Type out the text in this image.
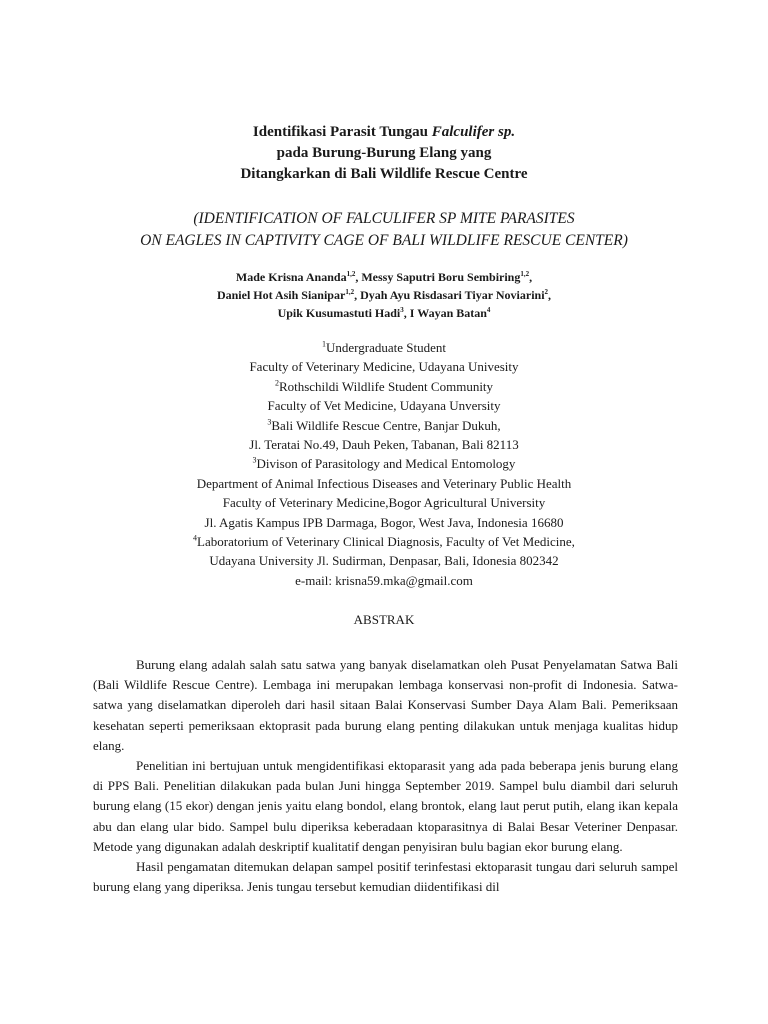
Identifikasi Parasit Tungau Falculifer sp.
pada Burung-Burung Elang yang
Ditangkarkan di Bali Wildlife Rescue Centre
(IDENTIFICATION OF FALCULIFER SP MITE PARASITES
ON EAGLES IN CAPTIVITY CAGE OF BALI WILDLIFE RESCUE CENTER)
Made Krisna Ananda$^{1,2}$, Messy Saputri Boru Sembiring$^{1,2}$,
Daniel Hot Asih Sianipar$^{1,2}$, Dyah Ayu Risdasari Tiyar Noviarini$^2$,
Upik Kusumastuti Hadi$^3$, I Wayan Batan$^4$
$^1$Undergraduate Student
Faculty of Veterinary Medicine, Udayana Univesity
$^2$Rothschildi Wildlife Student Community
Faculty of Vet Medicine, Udayana Unversity
$^3$Bali Wildlife Rescue Centre, Banjar Dukuh,
Jl. Teratai No.49, Dauh Peken, Tabanan, Bali 82113
$^3$Divison of Parasitology and Medical Entomology
Department of Animal Infectious Diseases and Veterinary Public Health
Faculty of Veterinary Medicine,Bogor Agricultural University
Jl. Agatis Kampus IPB Darmaga, Bogor, West Java, Indonesia 16680
$^4$Laboratorium of Veterinary Clinical Diagnosis, Faculty of Vet Medicine,
Udayana University Jl. Sudirman, Denpasar, Bali, Idonesia 802342
e-mail: krisna59.mka@gmail.com
ABSTRAK

Burung elang adalah salah satu satwa yang banyak diselamatkan oleh Pusat Penyelamatan Satwa Bali (Bali Wildlife Rescue Centre). Lembaga ini merupakan lembaga konservasi non-profit di Indonesia. Satwa-satwa yang diselamatkan diperoleh dari hasil sitaan Balai Konservasi Sumber Daya Alam Bali. Pemeriksaan kesehatan seperti pemeriksaan ektoprasit pada burung elang penting dilakukan untuk menjaga kualitas hidup elang.

Penelitian ini bertujuan untuk mengidentifikasi ektoparasit yang ada pada beberapa jenis burung elang di PPS Bali. Penelitian dilakukan pada bulan Juni hingga September 2019. Sampel bulu diambil dari seluruh burung elang (15 ekor) dengan jenis yaitu elang bondol, elang brontok, elang laut perut putih, elang ikan kepala abu dan elang ular bido. Sampel bulu diperiksa keberadaan ktoparasitnya di Balai Besar Veteriner Denpasar. Metode yang digunakan adalah deskriptif kualitatif dengan penyisiran bulu bagian ekor burung elang.

Hasil pengamatan ditemukan delapan sampel positif terinfestasi ektoparasit tungau dari seluruh sampel burung elang yang diperiksa. Jenis tungau tersebut kemudian diidentifikasi dil
